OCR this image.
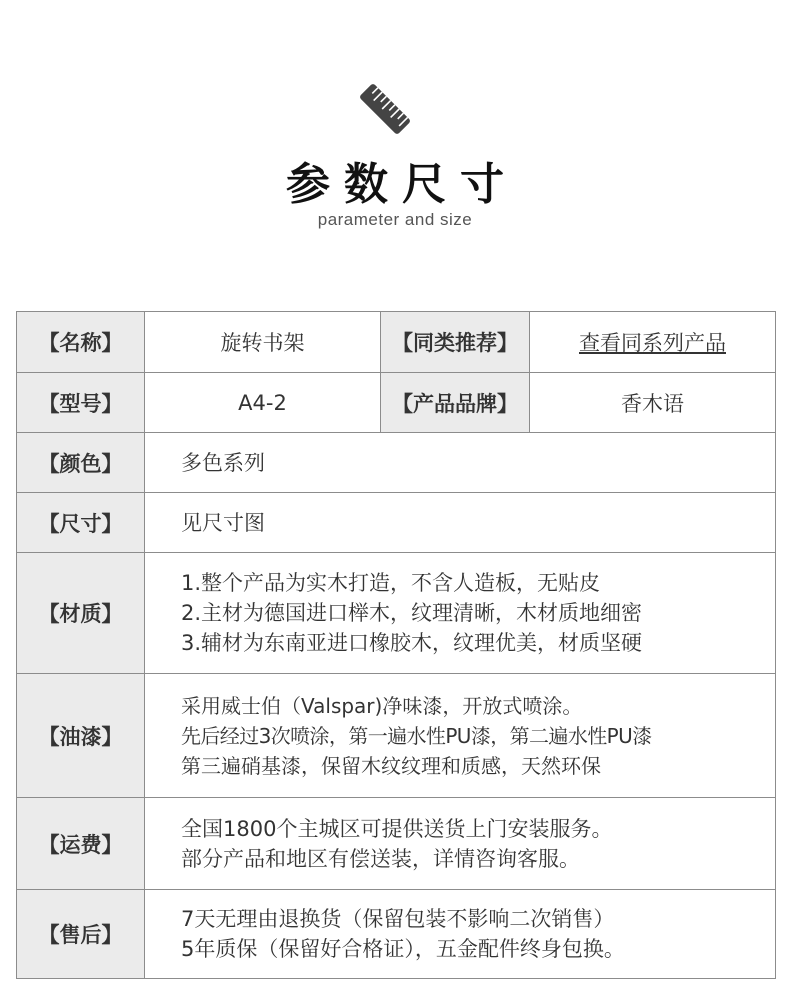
参数尺寸
parameter and size
【名称】	旋转书架	【同类推荐】	查看同系列产品
【型号】	A4-2	【产品品牌】	香木语
【颜色】	多色系列		
【尺寸】	见尺寸图		
【材质】	1.整个产品为实木打造，不含人造板，无贴皮
2.主材为德国进口榉木，纹理清晰，木材质地细密
3.辅材为东南亚进口橡胶木，纹理优美，材质坚硬		

【油漆】	采用威士伯（Valspar)净味漆，开放式喷涂。
先后经过3次喷涂，第一遍水性PU漆，第二遍水性PU漆
第三遍硝基漆，保留木纹纹理和质感，天然环保		

【运费】	全国1800个主城区可提供送货上门安装服务。
部分产品和地区有偿送装，详情咨询客服。		

【售后】	7天无理由退换货（保留包装不影响二次销售）
5年质保（保留好合格证），五金配件终身包换。		
